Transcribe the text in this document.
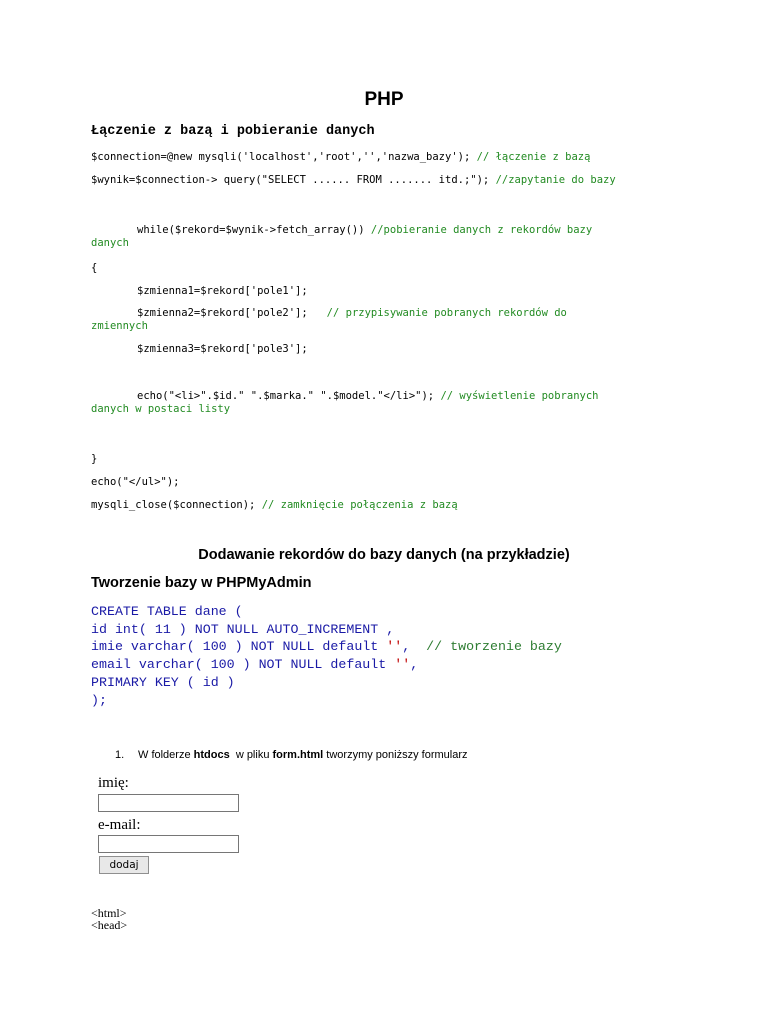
PHP
Łączenie z bazą i pobieranie danych
$connection=@new mysqli('localhost','root','','nazwa_bazy'); // łączenie z bazą
$wynik=$connection-> query("SELECT ...... FROM ....... itd.;"); //zapytanie do bazy
while($rekord=$wynik->fetch_array()) //pobieranie danych z rekordów bazy
danych
{
$zmienna1=$rekord['pole1'];
$zmienna2=$rekord['pole2'];   // przypisywanie pobranych rekordów do
zmiennych
$zmienna3=$rekord['pole3'];
echo("<li>".$id." ".$marka." ".$model."</li>"); // wyświetlenie pobranych
danych w postaci listy
}
echo("</ul>");
mysqli_close($connection); // zamknięcie połączenia z bazą
Dodawanie rekordów do bazy danych (na przykładzie)
Tworzenie bazy w PHPMyAdmin
CREATE TABLE dane (
id int( 11 ) NOT NULL AUTO_INCREMENT ,
imie varchar( 100 ) NOT NULL default '',  // tworzenie bazy
email varchar( 100 ) NOT NULL default '',
PRIMARY KEY ( id )
);
1. W folderze htdocs  w pliku form.html tworzymy poniższy formularz
imię:
e-mail:
dodaj
<html>
<head>
